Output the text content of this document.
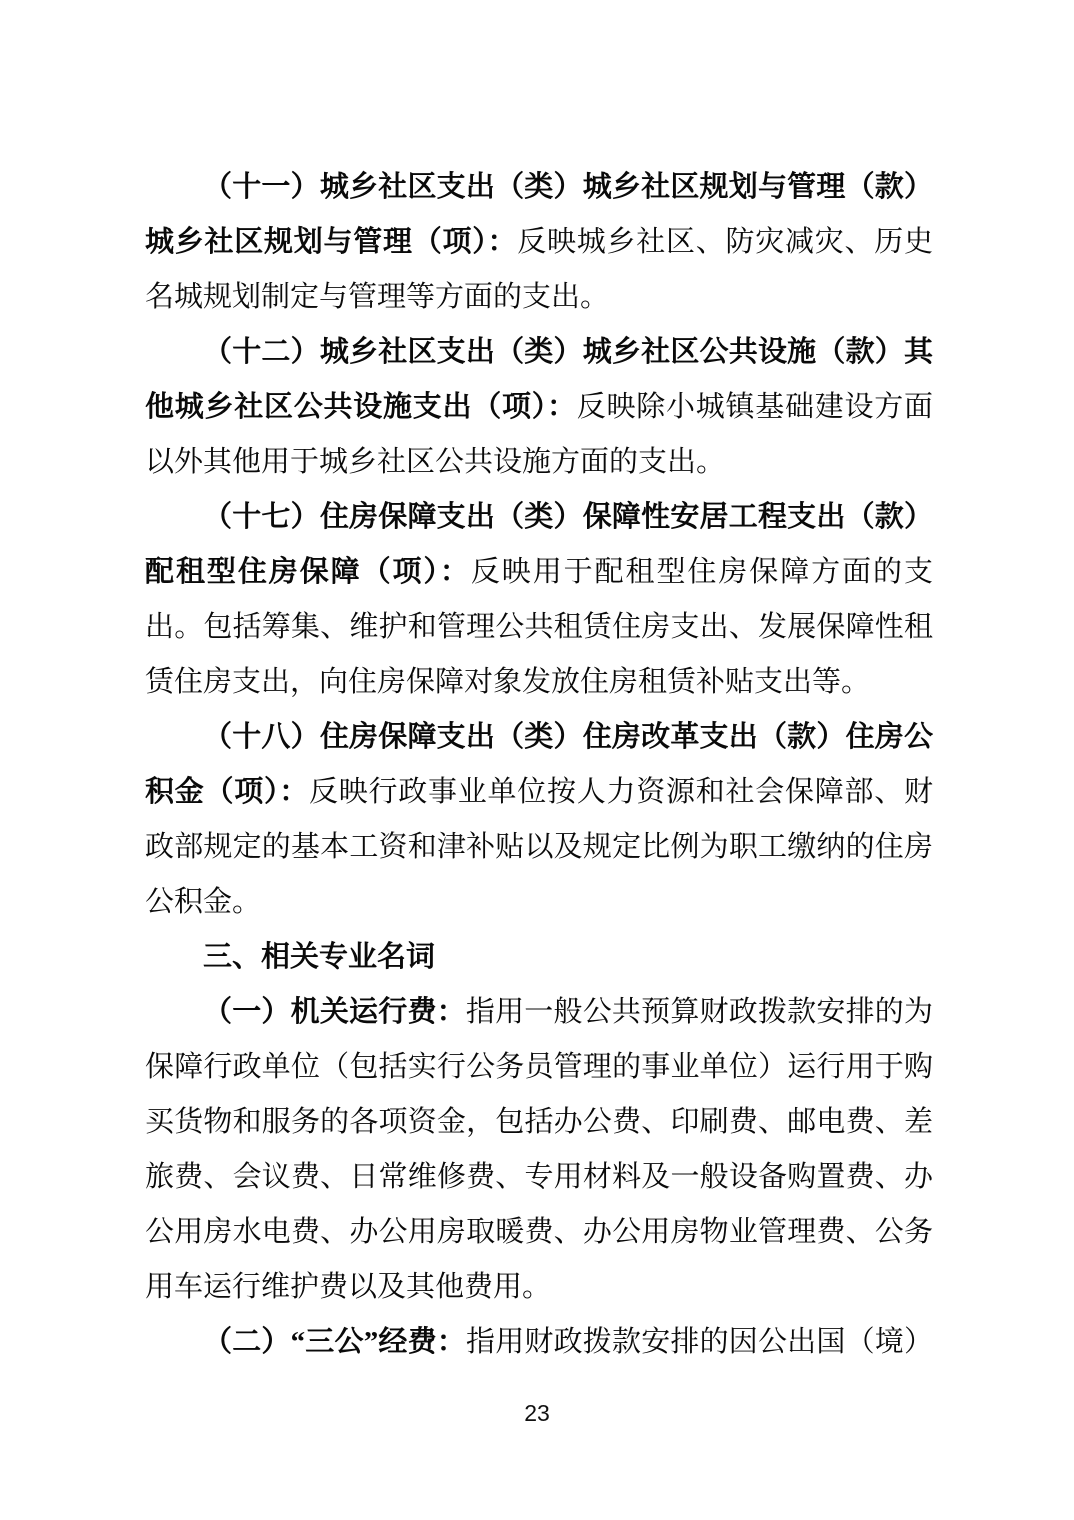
（十一）城乡社区支出（类）城乡社区规划与管理（款）城乡社区规划与管理（项）：反映城乡社区、防灾减灾、历史名城规划制定与管理等方面的支出。

（十二）城乡社区支出（类）城乡社区公共设施（款）其他城乡社区公共设施支出（项）：反映除小城镇基础建设方面以外其他用于城乡社区公共设施方面的支出。

（十七）住房保障支出（类）保障性安居工程支出（款）配租型住房保障（项）：反映用于配租型住房保障方面的支出。包括筹集、维护和管理公共租赁住房支出、发展保障性租赁住房支出，向住房保障对象发放住房租赁补贴支出等。

（十八）住房保障支出（类）住房改革支出（款）住房公积金（项）：反映行政事业单位按人力资源和社会保障部、财政部规定的基本工资和津补贴以及规定比例为职工缴纳的住房公积金。

三、相关专业名词

（一）机关运行费：指用一般公共预算财政拨款安排的为保障行政单位（包括实行公务员管理的事业单位）运行用于购买货物和服务的各项资金，包括办公费、印刷费、邮电费、差旅费、会议费、日常维修费、专用材料及一般设备购置费、办公用房水电费、办公用房取暖费、办公用房物业管理费、公务用车运行维护费以及其他费用。

（二）“三公”经费：指用财政拨款安排的因公出国（境）

23
